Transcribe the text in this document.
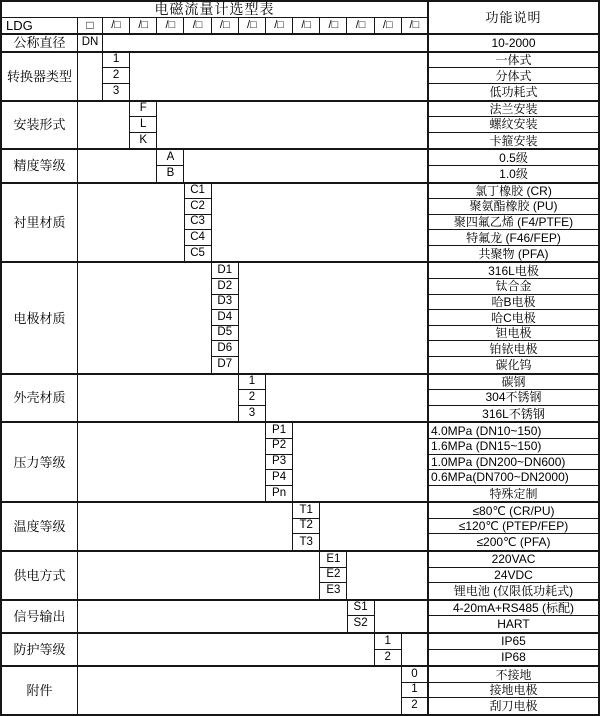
电磁流量计选型表
LDG	□	/□	/□	/□	/□	/□	/□	/□	/□	/□	/□	/□	/□	功能说明
公称直径	DN	10-2000
转换器类型
1	一体式
2	分体式
3	低功耗式
安装形式
F	法兰安装
L	螺纹安装
K	卡箍安装
精度等级
A	0.5级
B	1.0级
衬里材质
C1	氯丁橡胶 (CR)
C2	聚氨酯橡胶 (PU)
C3	聚四氟乙烯 (F4/PTFE)
C4	特氟龙 (F46/FEP)
C5	共聚物 (PFA)
电极材质
D1	316L电极
D2	钛合金
D3	哈B电极
D4	哈C电极
D5	钽电极
D6	铂铱电极
D7	碳化钨
外壳材质
1	碳钢
2	304不锈钢
3	316L不锈钢
压力等级
P1	4.0MPa (DN10~150)
P2	1.6MPa (DN15~150)
P3	1.0MPa (DN200~DN600)
P4	0.6MPa(DN700~DN2000)
Pn	特殊定制
温度等级
T1	≤80℃ (CR/PU)
T2	≤120℃ (PTEP/FEP)
T3	≤200℃ (PFA)
供电方式
E1	220VAC
E2	24VDC
E3	锂电池 (仅限低功耗式)
信号输出
S1	4-20mA+RS485 (标配)
S2	HART
防护等级
1	IP65
2	IP68
附件
0	不接地
1	接地电极
2	刮刀电极
